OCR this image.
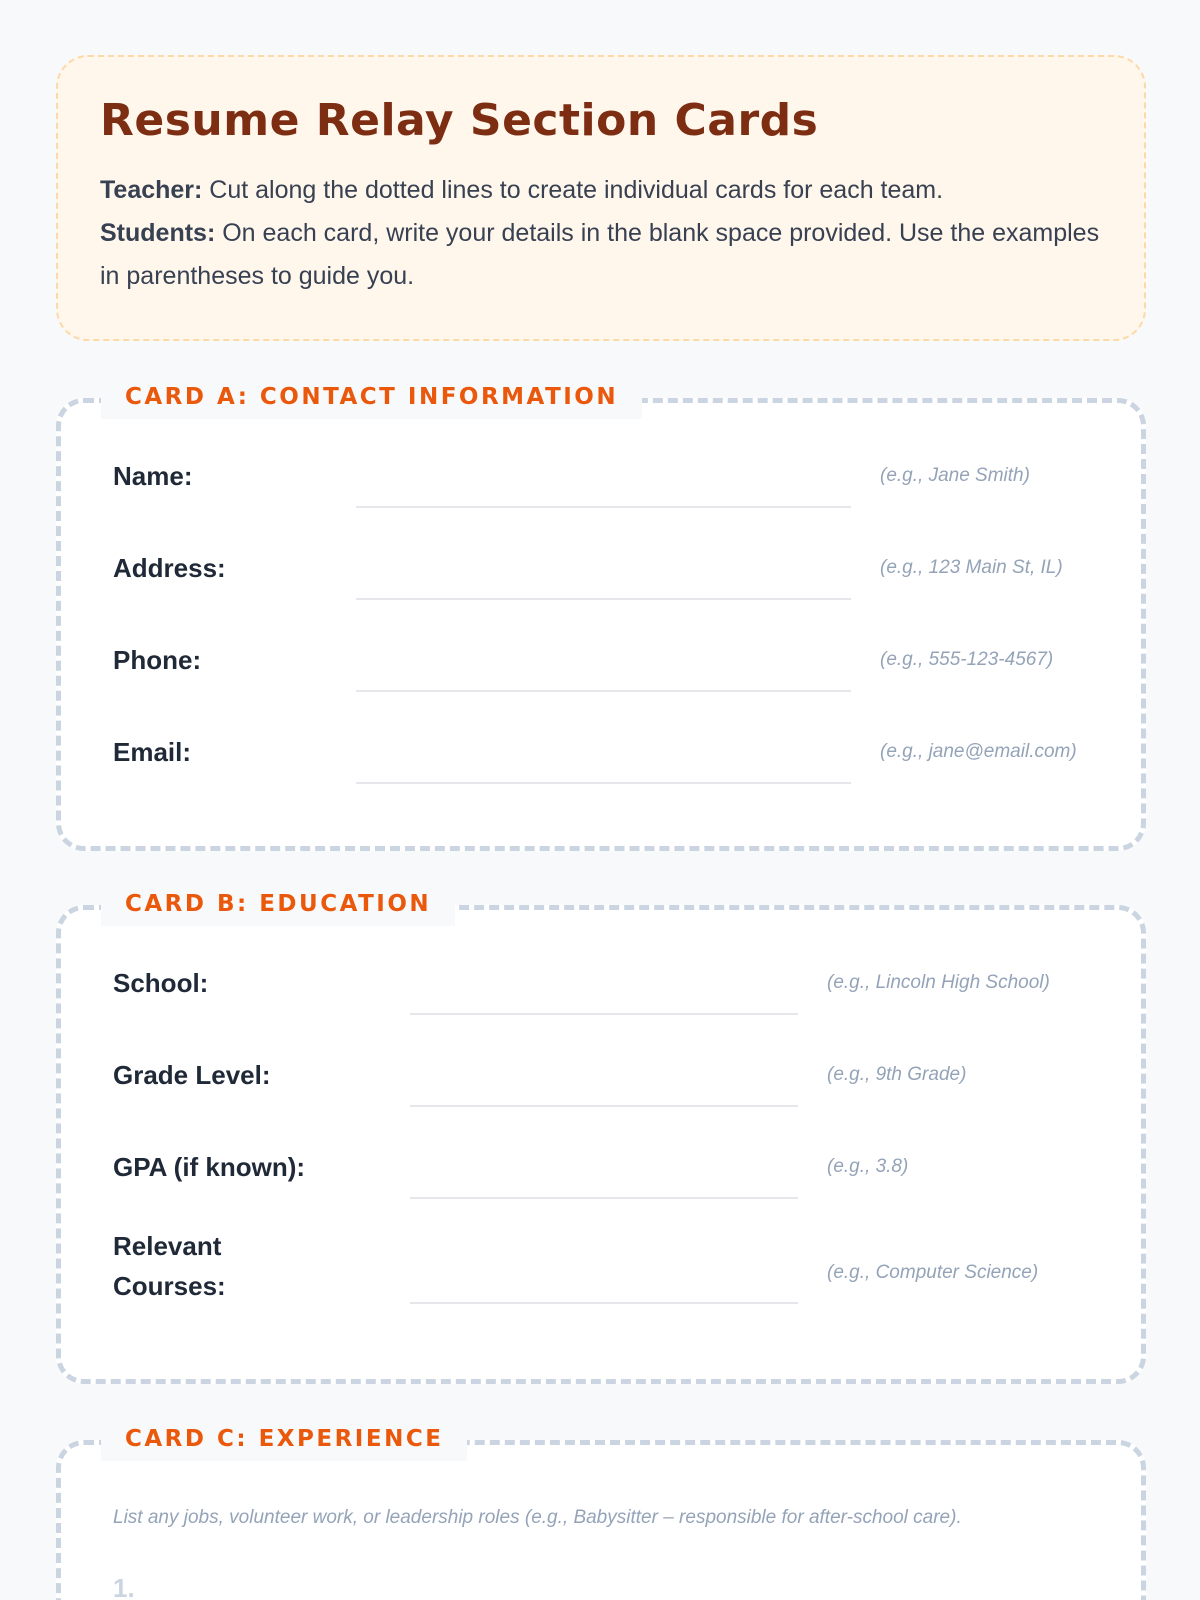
Resume Relay Section Cards
Teacher: Cut along the dotted lines to create individual cards for each team.
Students: On each card, write your details in the blank space provided. Use the examples in parentheses to guide you.
CARD A: CONTACT INFORMATION
Name:	(e.g., Jane Smith)
Address:	(e.g., 123 Main St, IL)
Phone:	(e.g., 555-123-4567)
Email:	(e.g., jane@email.com)
CARD B: EDUCATION
School:	(e.g., Lincoln High School)
Grade Level:	(e.g., 9th Grade)
GPA (if known):	(e.g., 3.8)
Relevant Courses:	(e.g., Computer Science)
CARD C: EXPERIENCE
List any jobs, volunteer work, or leadership roles (e.g., Babysitter – responsible for after-school care).
1.
